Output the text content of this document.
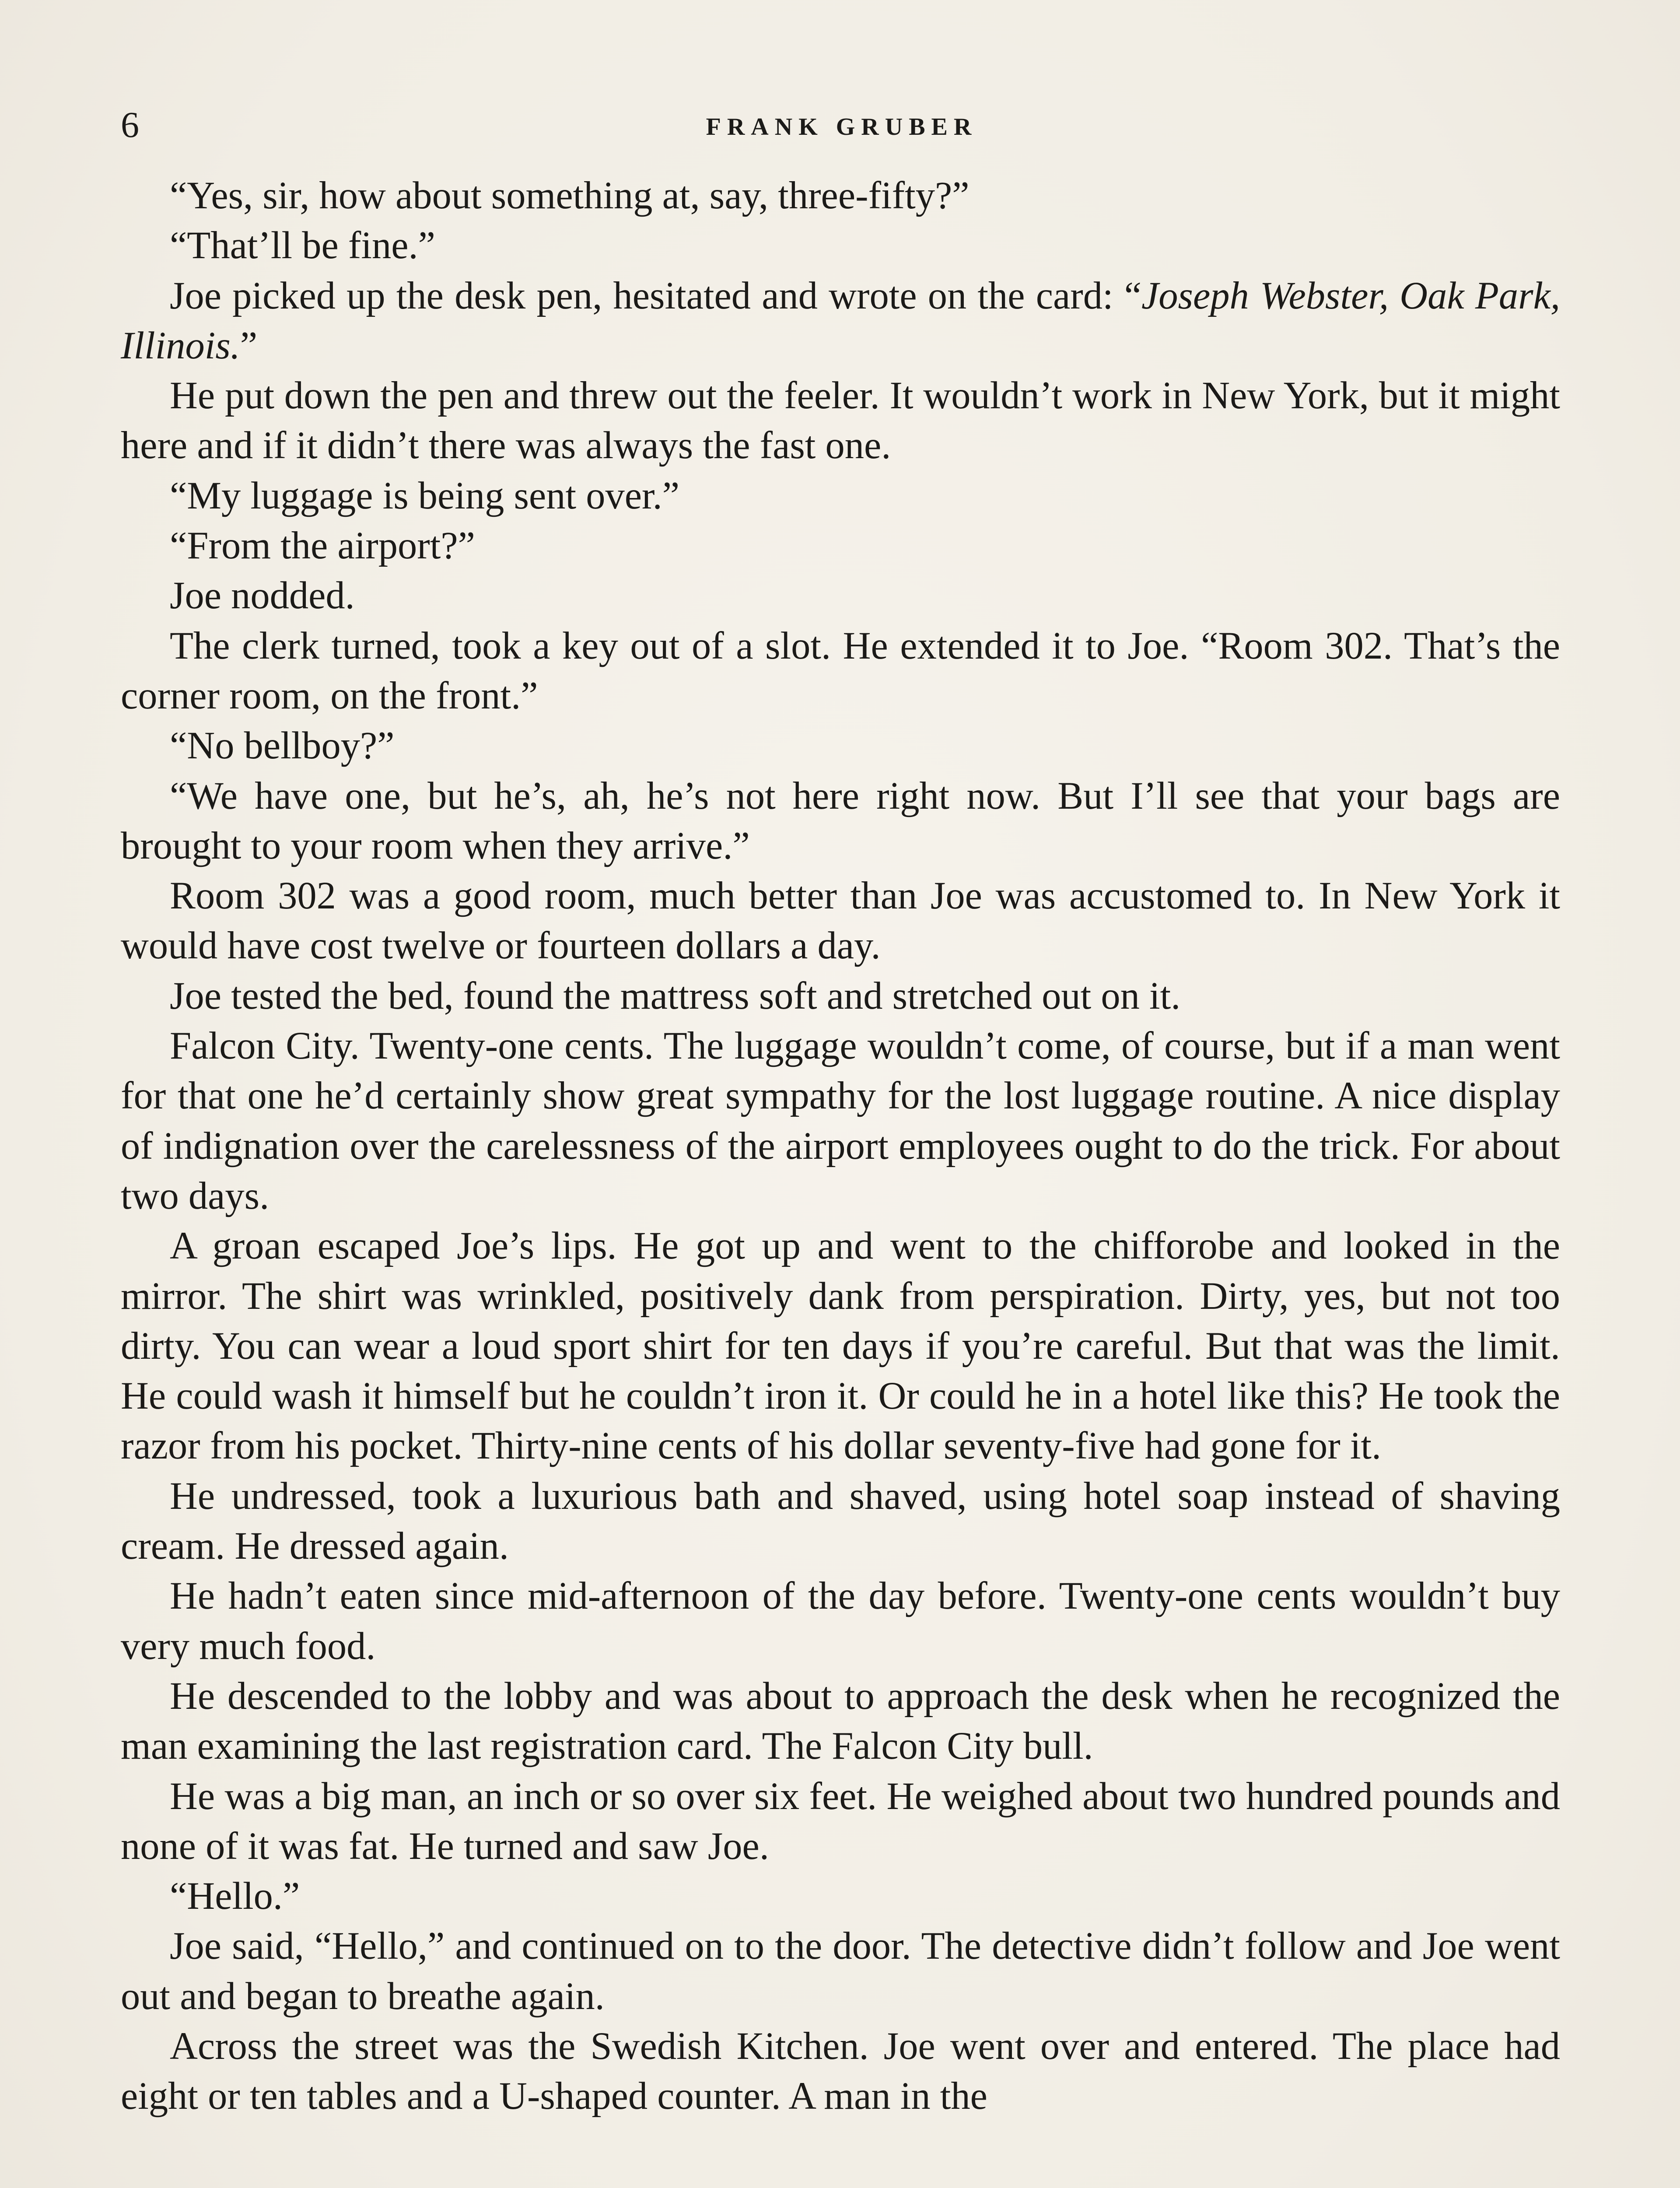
6	FRANK GRUBER

“Yes, sir, how about something at, say, three-fifty?”

“That’ll be fine.”

Joe picked up the desk pen, hesitated and wrote on the card: “Joseph Webster, Oak Park, Illinois.”

He put down the pen and threw out the feeler. It wouldn’t work in New York, but it might here and if it didn’t there was always the fast one.

“My luggage is being sent over.”

“From the airport?”

Joe nodded.

The clerk turned, took a key out of a slot. He extended it to Joe. “Room 302. That’s the corner room, on the front.”

“No bellboy?”

“We have one, but he’s, ah, he’s not here right now. But I’ll see that your bags are brought to your room when they arrive.”

Room 302 was a good room, much better than Joe was accustomed to. In New York it would have cost twelve or fourteen dollars a day.

Joe tested the bed, found the mattress soft and stretched out on it.

Falcon City. Twenty-one cents. The luggage wouldn’t come, of course, but if a man went for that one he’d certainly show great sympathy for the lost luggage routine. A nice display of indignation over the carelessness of the airport employees ought to do the trick. For about two days.

A groan escaped Joe’s lips. He got up and went to the chifforobe and looked in the mirror. The shirt was wrinkled, positively dank from perspiration. Dirty, yes, but not too dirty. You can wear a loud sport shirt for ten days if you’re careful. But that was the limit. He could wash it himself but he couldn’t iron it. Or could he in a hotel like this? He took the razor from his pocket. Thirty-nine cents of his dollar seventy-five had gone for it.

He undressed, took a luxurious bath and shaved, using hotel soap instead of shaving cream. He dressed again.

He hadn’t eaten since mid-afternoon of the day before. Twenty-one cents wouldn’t buy very much food.

He descended to the lobby and was about to approach the desk when he recognized the man examining the last registration card. The Falcon City bull.

He was a big man, an inch or so over six feet. He weighed about two hundred pounds and none of it was fat. He turned and saw Joe.

“Hello.”

Joe said, “Hello,” and continued on to the door. The detective didn’t follow and Joe went out and began to breathe again.

Across the street was the Swedish Kitchen. Joe went over and entered. The place had eight or ten tables and a U-shaped counter. A man in the
